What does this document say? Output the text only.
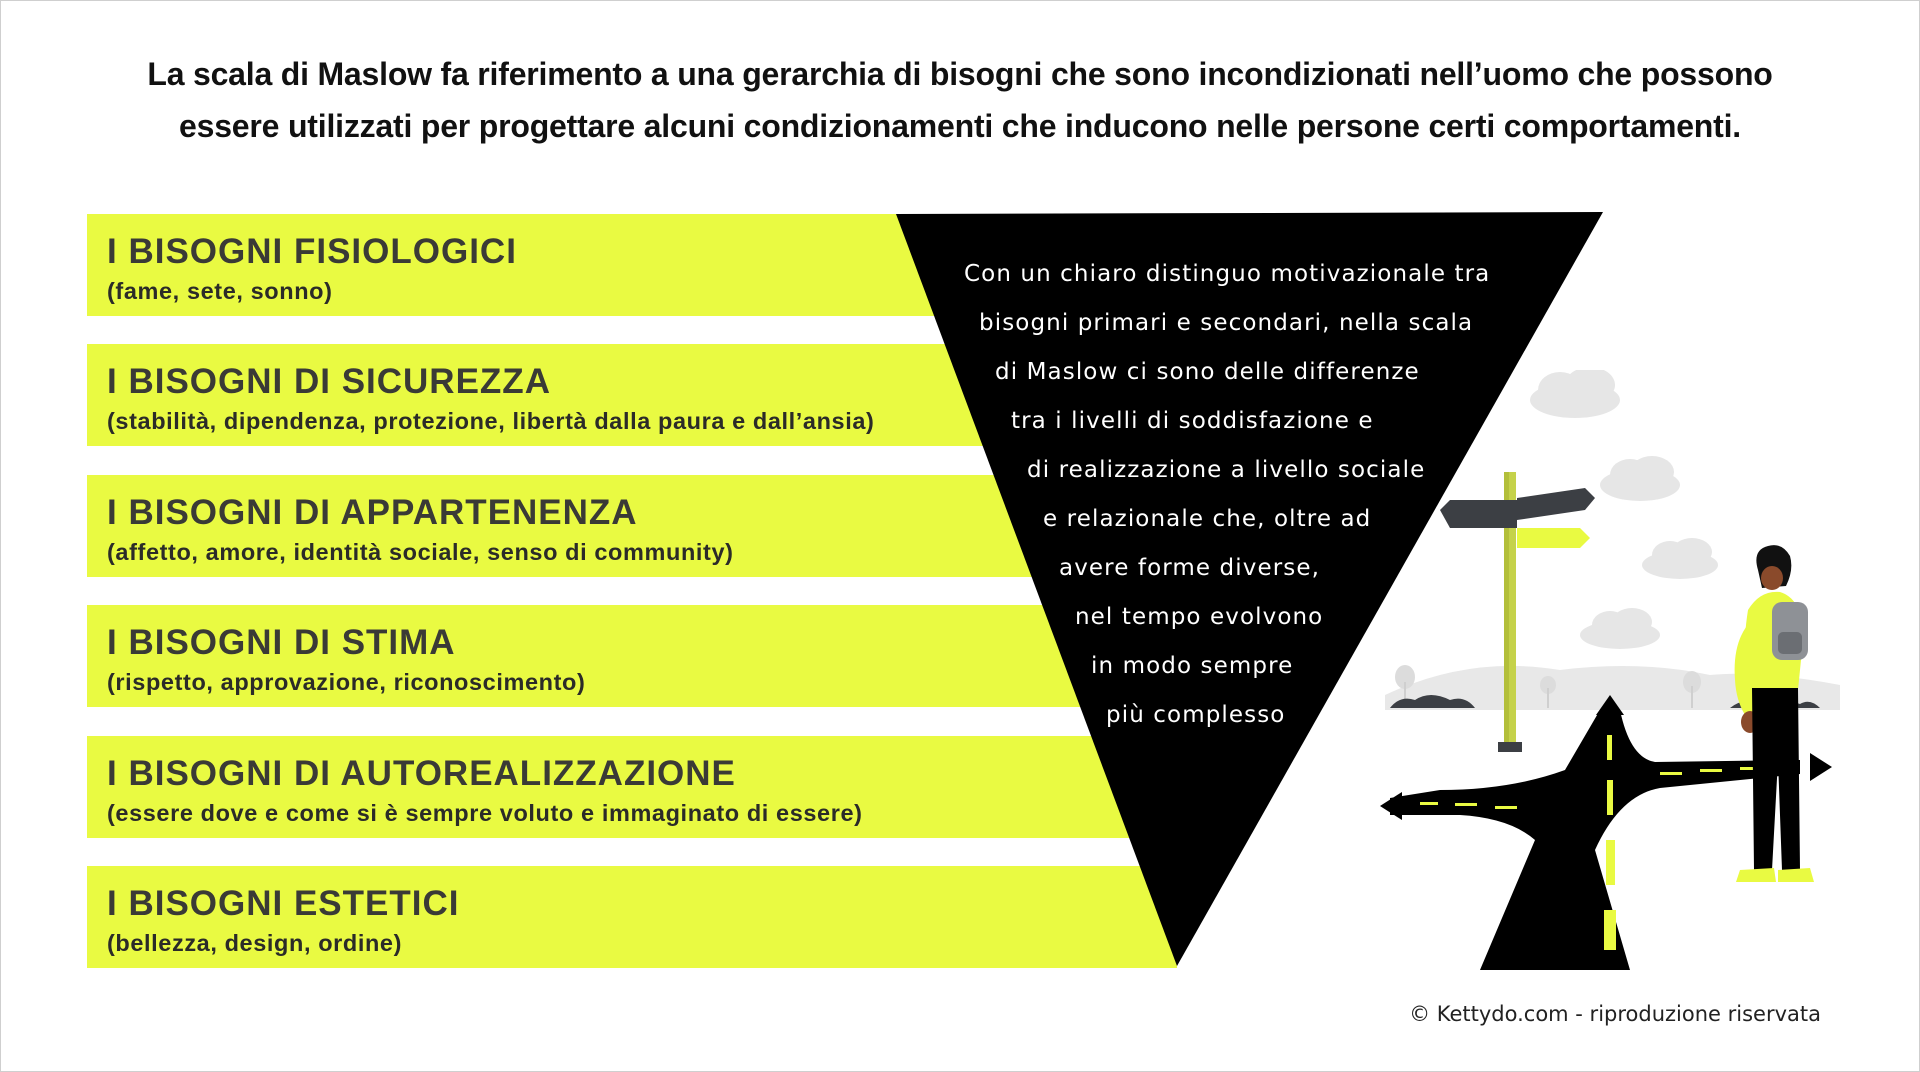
La scala di Maslow fa riferimento a una gerarchia di bisogni che sono incondizionati nell’uomo che possono
essere utilizzati per progettare alcuni condizionamenti che inducono nelle persone certi comportamenti.
I BISOGNI FISIOLOGICI
(fame, sete, sonno)
I BISOGNI DI SICUREZZA
(stabilità, dipendenza, protezione, libertà dalla paura e dall’ansia)
I BISOGNI DI APPARTENENZA
(affetto, amore, identità sociale, senso di community)
I BISOGNI DI STIMA
(rispetto, approvazione, riconoscimento)
I BISOGNI DI AUTOREALIZZAZIONE
(essere dove e come si è sempre voluto e immaginato di essere)
I BISOGNI ESTETICI
(bellezza, design, ordine)
Con un chiaro distinguo motivazionale tra
bisogni primari e secondari, nella scala
di Maslow ci sono delle differenze
tra i livelli di soddisfazione e
di realizzazione a livello sociale
e relazionale che, oltre ad
avere forme diverse,
nel tempo evolvono
in modo sempre
più complesso
© Kettydo.com - riproduzione riservata
